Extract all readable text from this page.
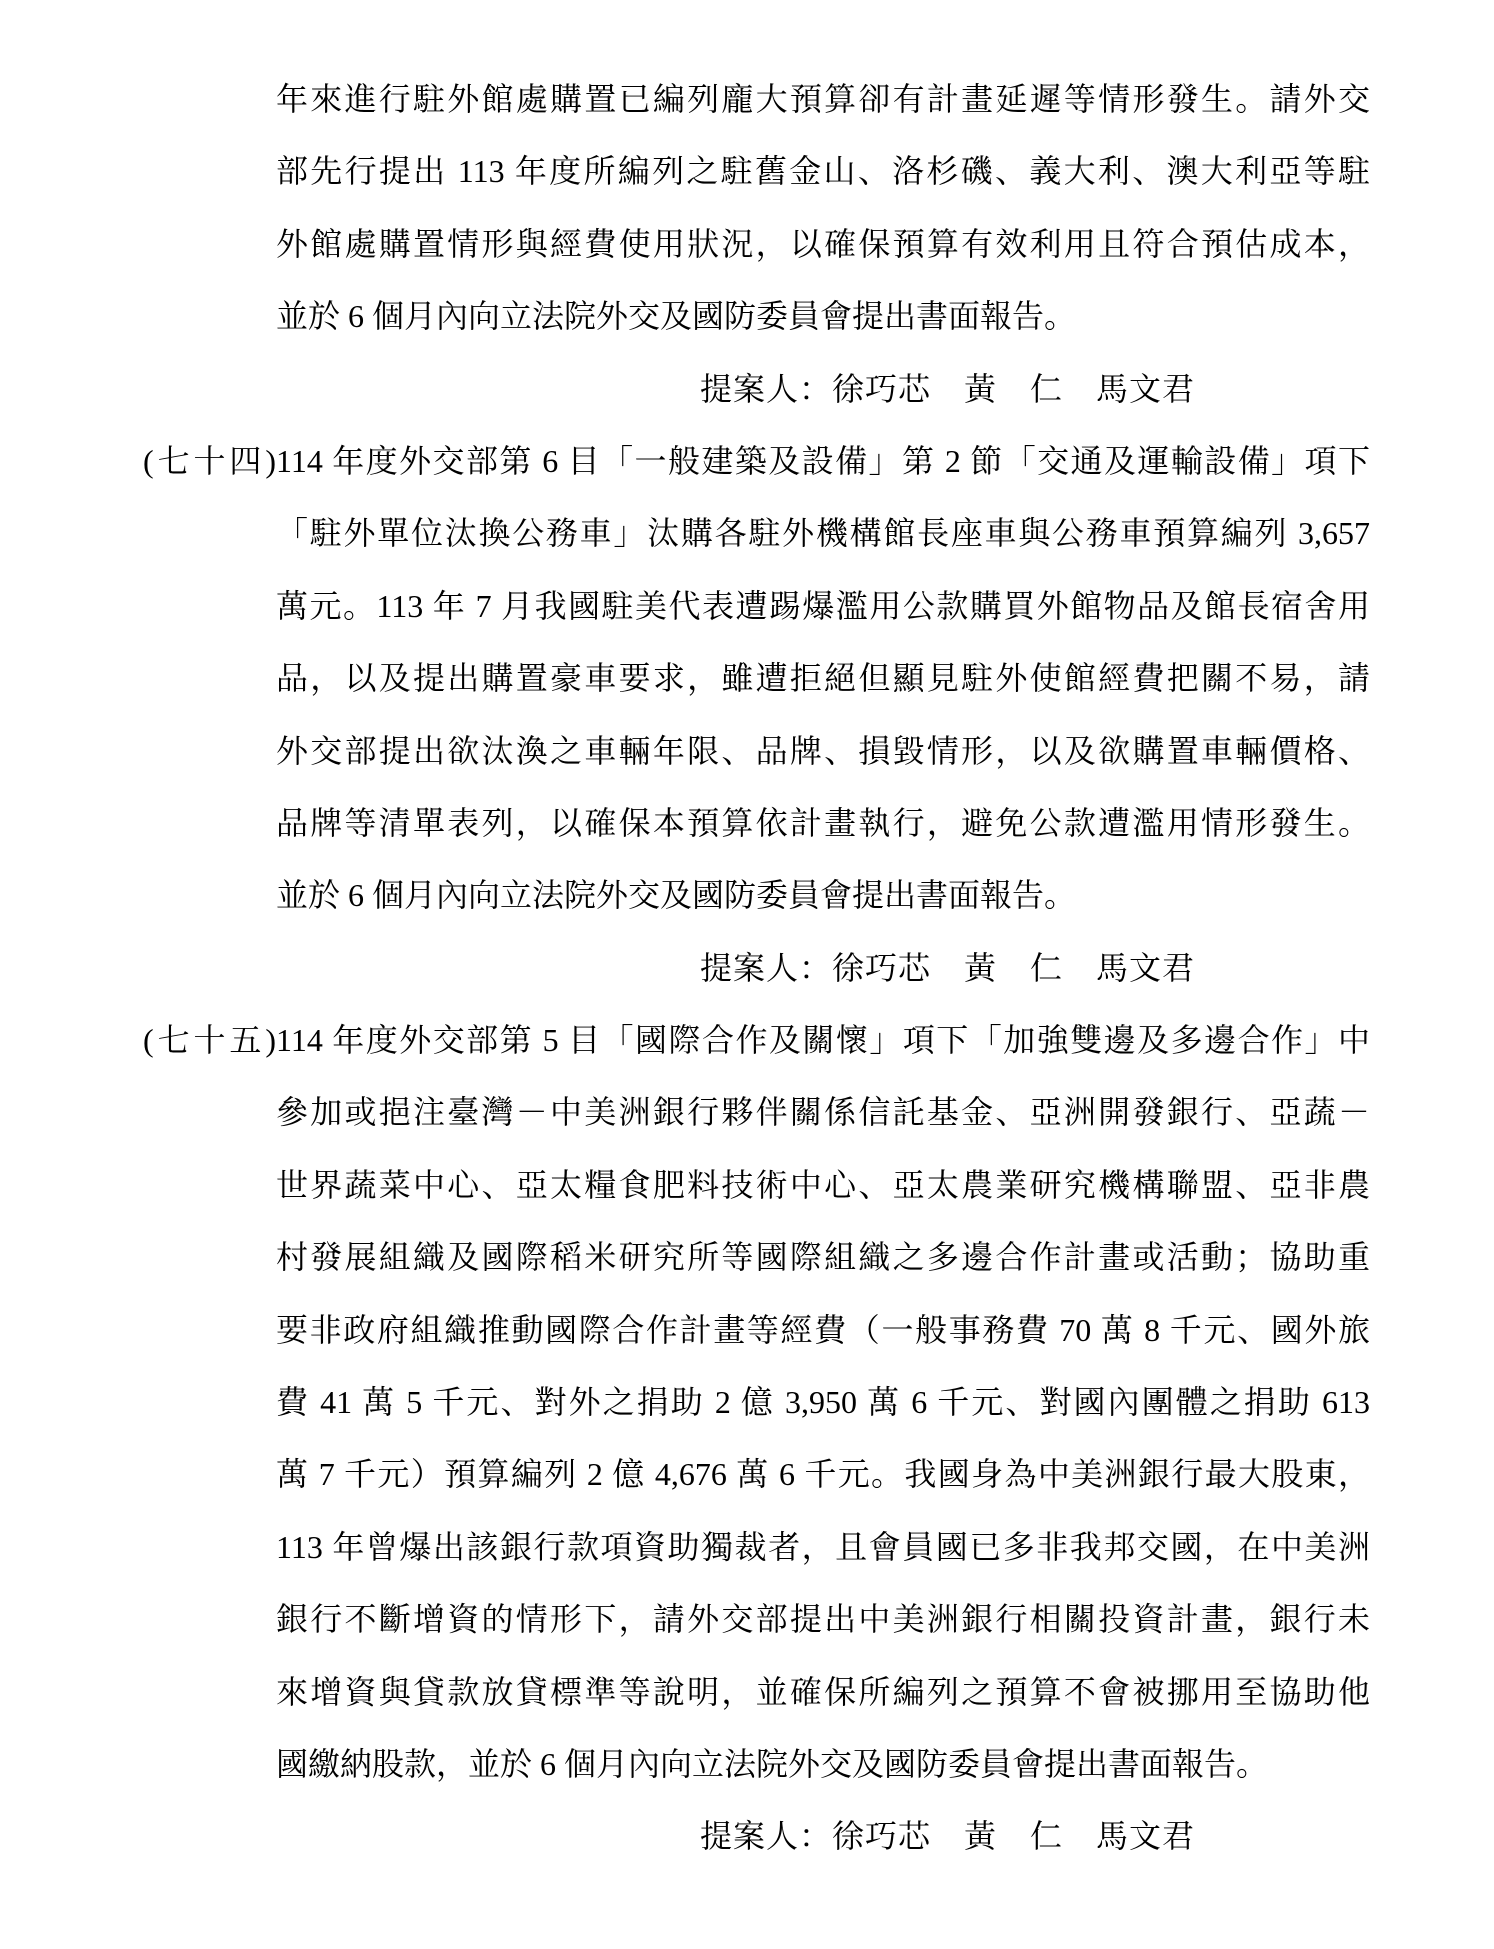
年來進行駐外館處購置已編列龐大預算卻有計畫延遲等情形發生。請外交
部先行提出 113 年度所編列之駐舊金山、洛杉磯、義大利、澳大利亞等駐
外館處購置情形與經費使用狀況，以確保預算有效利用且符合預估成本，
並於 6 個月內向立法院外交及國防委員會提出書面報告。
提案人：徐巧芯　黃　仁　馬文君
(七十四) 114 年度外交部第 6 目「一般建築及設備」第 2 節「交通及運輸設備」項下
「駐外單位汰換公務車」汰購各駐外機構館長座車與公務車預算編列 3,657
萬元。113 年 7 月我國駐美代表遭踢爆濫用公款購買外館物品及館長宿舍用
品，以及提出購置豪車要求，雖遭拒絕但顯見駐外使館經費把關不易，請
外交部提出欲汰渙之車輛年限、品牌、損毀情形，以及欲購置車輛價格、
品牌等清單表列，以確保本預算依計畫執行，避免公款遭濫用情形發生。
並於 6 個月內向立法院外交及國防委員會提出書面報告。
提案人：徐巧芯　黃　仁　馬文君
(七十五) 114 年度外交部第 5 目「國際合作及關懷」項下「加強雙邊及多邊合作」中
參加或挹注臺灣－中美洲銀行夥伴關係信託基金、亞洲開發銀行、亞蔬－
世界蔬菜中心、亞太糧食肥料技術中心、亞太農業研究機構聯盟、亞非農
村發展組織及國際稻米研究所等國際組織之多邊合作計畫或活動；協助重
要非政府組織推動國際合作計畫等經費（一般事務費 70 萬 8 千元、國外旅
費 41 萬 5 千元、對外之捐助 2 億 3,950 萬 6 千元、對國內團體之捐助 613
萬 7 千元）預算編列 2 億 4,676 萬 6 千元。我國身為中美洲銀行最大股東，
113 年曾爆出該銀行款項資助獨裁者，且會員國已多非我邦交國，在中美洲
銀行不斷增資的情形下，請外交部提出中美洲銀行相關投資計畫，銀行未
來增資與貸款放貸標準等說明，並確保所編列之預算不會被挪用至協助他
國繳納股款，並於 6 個月內向立法院外交及國防委員會提出書面報告。
提案人：徐巧芯　黃　仁　馬文君
